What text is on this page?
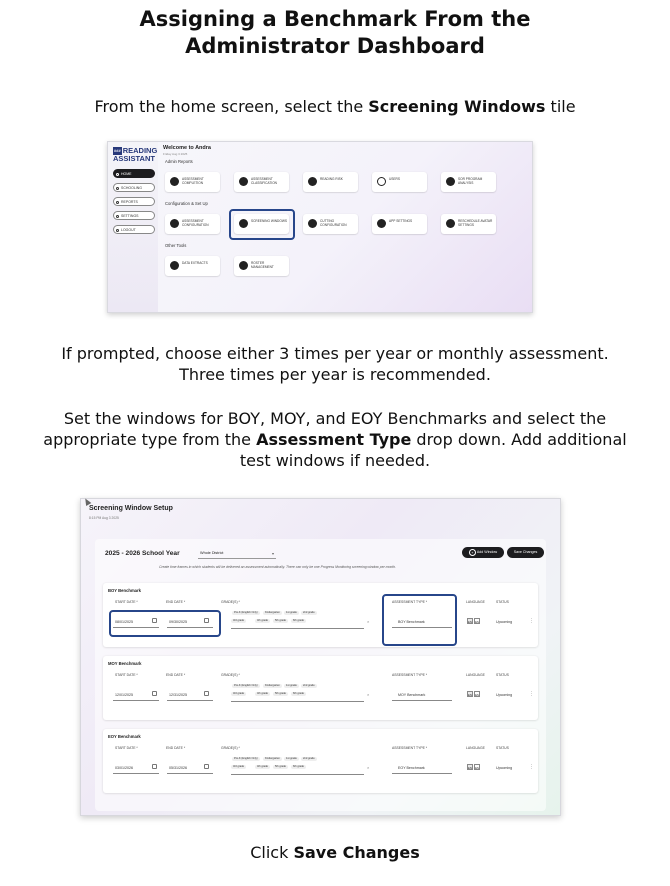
Assigning a Benchmark From the
Administrator Dashboard
From the home screen, select the Screening Windows tile
### READING
ASSISTANT
HOME
SCHOOLING
REPORTS
SETTINGS
LOGOUT
Welcome to Andra
Friday Aug 3 2025
Admin Reports
Configuration & Set Up
Other Tools
ASSESSMENT COMPLETION
ASSESSMENT CLASSIFICATION
READING RISK	USERS	SOR PROGRAM ANALYSIS
ASSESSMENT CONFIGURATION
SCREENING WINDOWS	CUTTING CONFIGURATION
APP SETTINGS	RESCHEDULE AVATAR SETTINGS
DATA EXTRACTS	ROSTER MANAGEMENT
If prompted, choose either 3 times per year or monthly assessment.
Three times per year is recommended.
Set the windows for BOY, MOY, and EOY Benchmarks and select the
appropriate type from the Assessment Type drop down. Add additional
test windows if needed.
Screening Window Setup
8:15 PM Aug 3 2025
2025 - 2026 School Year	Whole District	▾	+ Add Window	Save Changes
Create time frames in which students will be delivered an assessment automatically. There can only be one Progress Monitoring screening window per month.
BOY Benchmark
START DATE *	END DATE *	GRADE(S) *	ASSESSMENT TYPE *	LANGUAGE	STATUS
08/01/2025	09/30/2025
Pre-K (English Only)	Kindergarten	1st grade	2nd grade
3rd grade	4th grade	5th grade	6th grade	×	BOY Benchmark	EN	ES	Upcoming	⋮
MOY Benchmark
START DATE *	END DATE *	GRADE(S) *	ASSESSMENT TYPE *	LANGUAGE	STATUS
12/01/2025	12/31/2025
Pre-K (English Only)	Kindergarten	1st grade	2nd grade
3rd grade	4th grade	5th grade	6th grade	×	MOY Benchmark	EN	ES	Upcoming	⋮
EOY Benchmark
START DATE *	END DATE *	GRADE(S) *	ASSESSMENT TYPE *	LANGUAGE	STATUS
03/01/2026	05/31/2026
Pre-K (English Only)	Kindergarten	1st grade	2nd grade
3rd grade	4th grade	5th grade	6th grade	×	EOY Benchmark	EN	ES	Upcoming	⋮
Click Save Changes
